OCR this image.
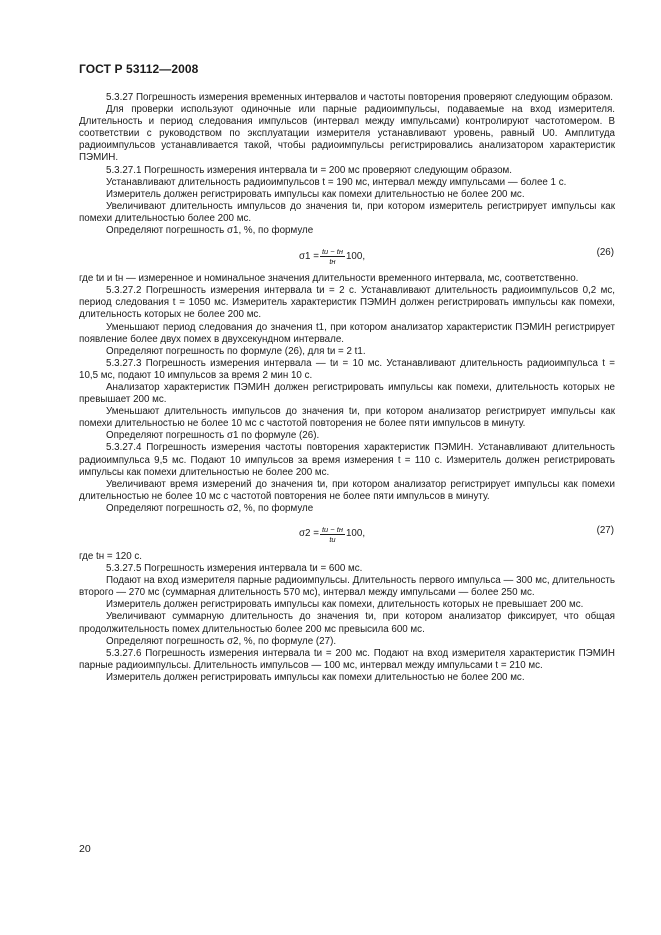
ГОСТ Р 53112—2008

5.3.27 Погрешность измерения временных интервалов и частоты повторения проверяют следующим образом.

Для проверки используют одиночные или парные радиоимпульсы, подаваемые на вход измерителя. Длительность и период следования импульсов (интервал между импульсами) контролируют частотомером. В соответствии с руководством по эксплуатации измерителя устанавливают уровень, равный U0. Амплитуда радиоимпульсов устанавливается такой, чтобы радиоимпульсы регистрировались анализатором характеристик ПЭМИН.

5.3.27.1 Погрешность измерения интервала tи = 200 мс проверяют следующим образом.

Устанавливают длительность радиоимпульсов t = 190 мс, интервал между импульсами — более 1 с.

Измеритель должен регистрировать импульсы как помехи длительностью не более 200 мс.

Увеличивают длительность импульсов до значения tи, при котором измеритель регистрирует импульсы как помехи длительностью более 200 мс.

Определяют погрешность σ1, %, по формуле

$\sigma 1 = \frac{tи - tн}{tн} 100$,	(26)

где tи и tн — измеренное и номинальное значения длительности временного интервала, мс, соответственно.

5.3.27.2 Погрешность измерения интервала tи = 2 с. Устанавливают длительность радиоимпульсов 0,2 мс, период следования t = 1050 мс. Измеритель характеристик ПЭМИН должен регистрировать импульсы как помехи, длительность которых не более 200 мс.

Уменьшают период следования до значения t1, при котором анализатор характеристик ПЭМИН регистрирует появление более двух помех в двухсекундном интервале.

Определяют погрешность по формуле (26), для tи = 2 t1.

5.3.27.3 Погрешность измерения интервала — tи = 10 мс. Устанавливают длительность радиоимпульса t = 10,5 мс, подают 10 импульсов за время 2 мин 10 с.

Анализатор характеристик ПЭМИН должен регистрировать импульсы как помехи, длительность которых не превышает 200 мс.

Уменьшают длительность импульсов до значения tи, при котором анализатор регистрирует импульсы как помехи длительностью не более 10 мс с частотой повторения не более пяти импульсов в минуту.

Определяют погрешность σ1 по формуле (26).

5.3.27.4 Погрешность измерения частоты повторения характеристик ПЭМИН. Устанавливают длительность радиоимпульса 9,5 мс. Подают 10 импульсов за время измерения t = 110 с. Измеритель должен регистрировать импульсы как помехи длительностью не более 200 мс.

Увеличивают время измерений до значения tи, при котором анализатор регистрирует импульсы как помехи длительностью не более 10 мс с частотой повторения не более пяти импульсов в минуту.

Определяют погрешность σ2, %, по формуле

$\sigma 2 = \frac{tи - tн}{tи} 100$,	(27)

где tн = 120 с.

5.3.27.5 Погрешность измерения интервала tи = 600 мс.

Подают на вход измерителя парные радиоимпульсы. Длительность первого импульса — 300 мс, длительность второго — 270 мс (суммарная длительность 570 мс), интервал между импульсами — более 250 мс.

Измеритель должен регистрировать импульсы как помехи, длительность которых не превышает 200 мс.

Увеличивают суммарную длительность до значения tи, при котором анализатор фиксирует, что общая продолжительность помех длительностью более 200 мс превысила 600 мс.

Определяют погрешность σ2, %, по формуле (27).

5.3.27.6 Погрешность измерения интервала tи = 200 мс. Подают на вход измерителя характеристик ПЭМИН парные радиоимпульсы. Длительность импульсов — 100 мс, интервал между импульсами t = 210 мс.

Измеритель должен регистрировать импульсы как помехи длительностью не более 200 мс.

20
